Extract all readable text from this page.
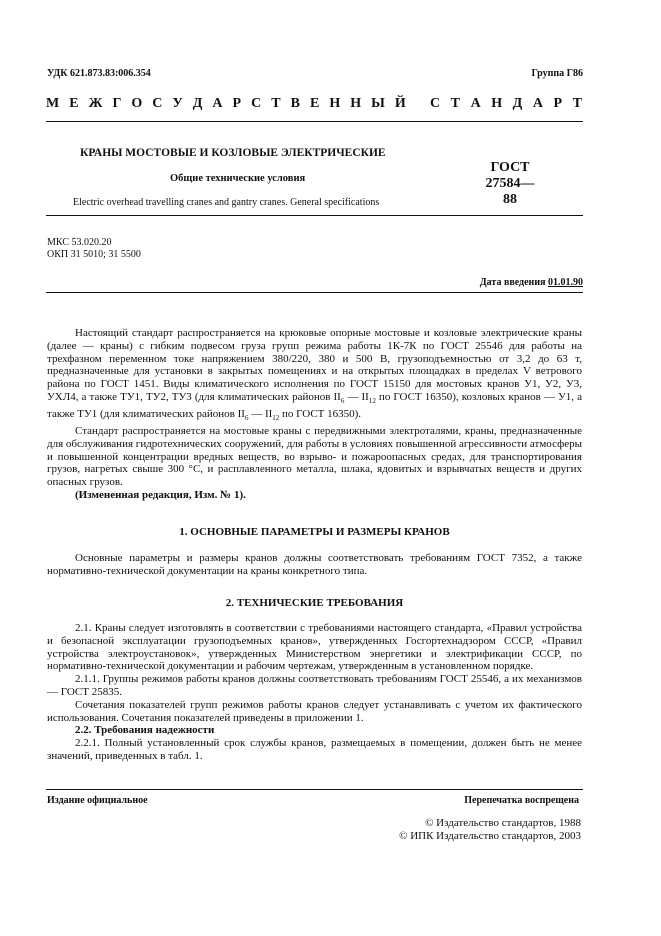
УДК 621.873.83:006.354	Группа Г86
М Е Ж Г О С У Д А Р С Т В Е Н Н Ы Й С Т А Н Д А Р Т
КРАНЫ МОСТОВЫЕ И КОЗЛОВЫЕ ЭЛЕКТРИЧЕСКИЕ
ГОСТ
27584—88
Общие технические условия
Electric overhead travelling cranes and gantry cranes. General specifications
МКС 53.020.20
ОКП 31 5010; 31 5500
Дата введения 01.01.90

Настоящий стандарт распространяется на крюковые опорные мостовые и козловые электрические краны (далее — краны) с гибким подвесом груза групп режима работы 1К-7К по ГОСТ 25546 для работы на трехфазном переменном токе напряжением 380/220, 380 и 500 В, грузоподъемностью от 3,2 до 63 т, предназначенные для установки в закрытых помещениях и на открытых площадках в пределах V ветрового района по ГОСТ 1451. Виды климатического исполнения по ГОСТ 15150 для мостовых кранов У1, У2, У3, УХЛ4, а также ТУ1, ТУ2, ТУ3 (для климатических районов $II_6$ — $II_{12}$ по ГОСТ 16350), козловых кранов — У1, а также ТУ1 (для климатических районов $II_6$ — $II_{12}$ по ГОСТ 16350).

Стандарт распространяется на мостовые краны с передвижными электроталями, краны, предназначенные для обслуживания гидротехнических сооружений, для работы в условиях повышенной агрессивности атмосферы и повышенной концентрации вредных веществ, во взрыво- и пожароопасных средах, для транспортирования грузов, нагретых свыше 300 °С, и расплавленного металла, шлака, ядовитых и взрывчатых веществ и других опасных грузов.

(Измененная редакция, Изм. № 1).

1. ОСНОВНЫЕ ПАРАМЕТРЫ И РАЗМЕРЫ КРАНОВ

Основные параметры и размеры кранов должны соответствовать требованиям ГОСТ 7352, а также нормативно-технической документации на краны конкретного типа.

2. ТЕХНИЧЕСКИЕ ТРЕБОВАНИЯ

2.1. Краны следует изготовлять в соответствии с требованиями настоящего стандарта, «Правил устройства и безопасной эксплуатации грузоподъемных кранов», утвержденных Госгортехнадзором СССР, «Правил устройства электроустановок», утвержденных Министерством энергетики и электрификации СССР, по нормативно-технической документации и рабочим чертежам, утвержденным в установленном порядке.

2.1.1. Группы режимов работы кранов должны соответствовать требованиям ГОСТ 25546, а их механизмов — ГОСТ 25835.

Сочетания показателей групп режимов работы кранов следует устанавливать с учетом их фактического использования. Сочетания показателей приведены в приложении 1.

2.2. Требования надежности

2.2.1. Полный установленный срок службы кранов, размещаемых в помещении, должен быть не менее значений, приведенных в табл. 1.

Издание официальное	Перепечатка воспрещена
© Издательство стандартов, 1988
© ИПК Издательство стандартов, 2003
